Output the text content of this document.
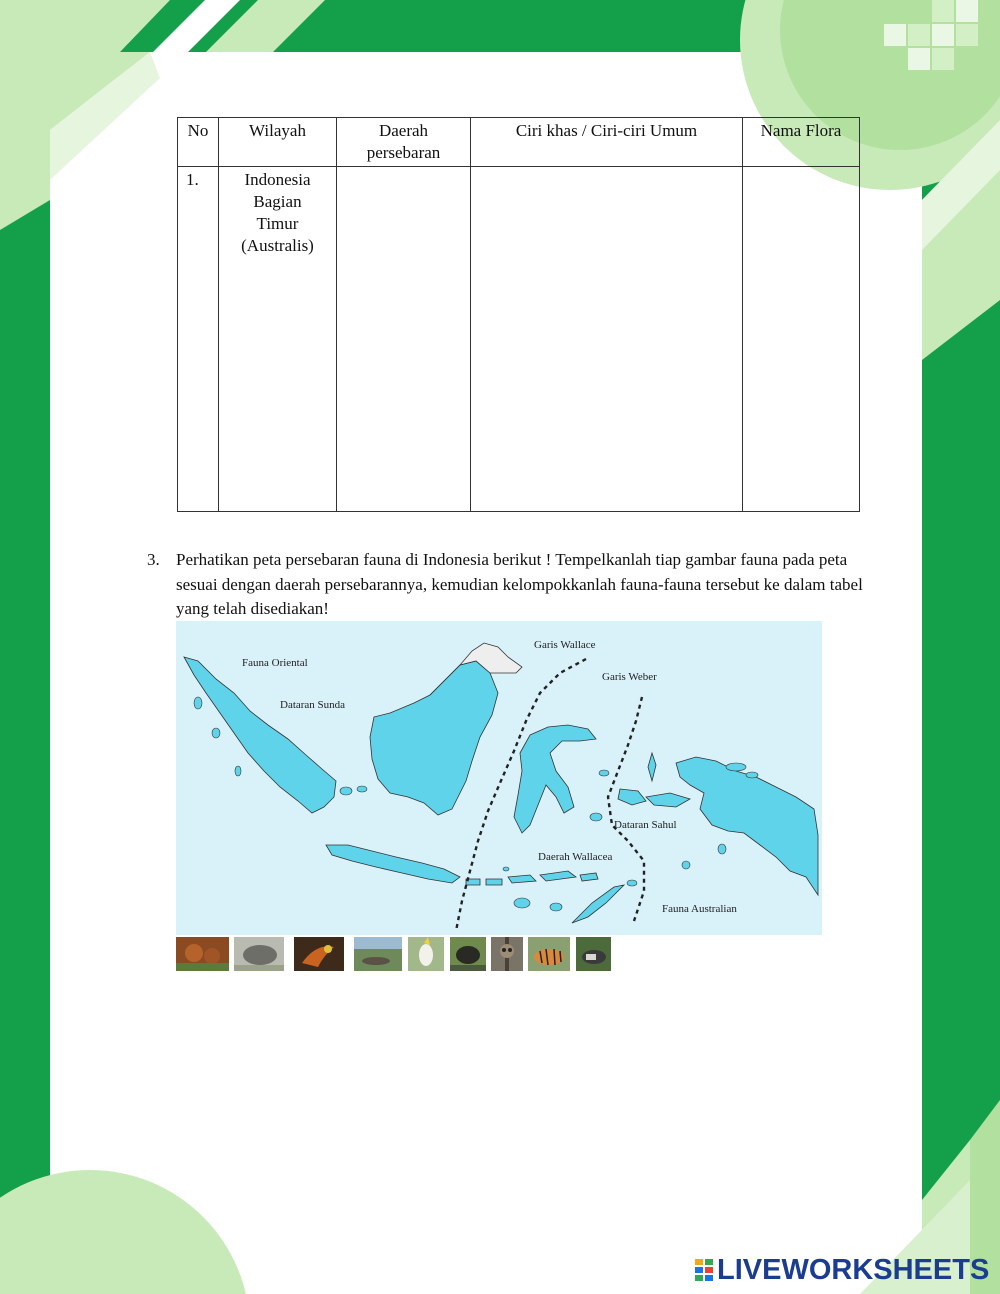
No	Wilayah	Daerah persebaran	Ciri khas / Ciri-ciri Umum	Nama Flora
1.	Indonesia Bagian Timur (Australis)			

3. Perhatikan peta persebaran fauna di Indonesia berikut ! Tempelkanlah tiap gambar fauna pada peta sesuai dengan daerah persebarannya, kemudian kelompokkanlah fauna-fauna tersebut ke dalam tabel yang telah disediakan!
Fauna Oriental
Dataran Sunda
Garis Wallace
Garis Weber
Dataran Sahul
Daerah Wallacea
Fauna Australian
LIVEWORKSHEETS
